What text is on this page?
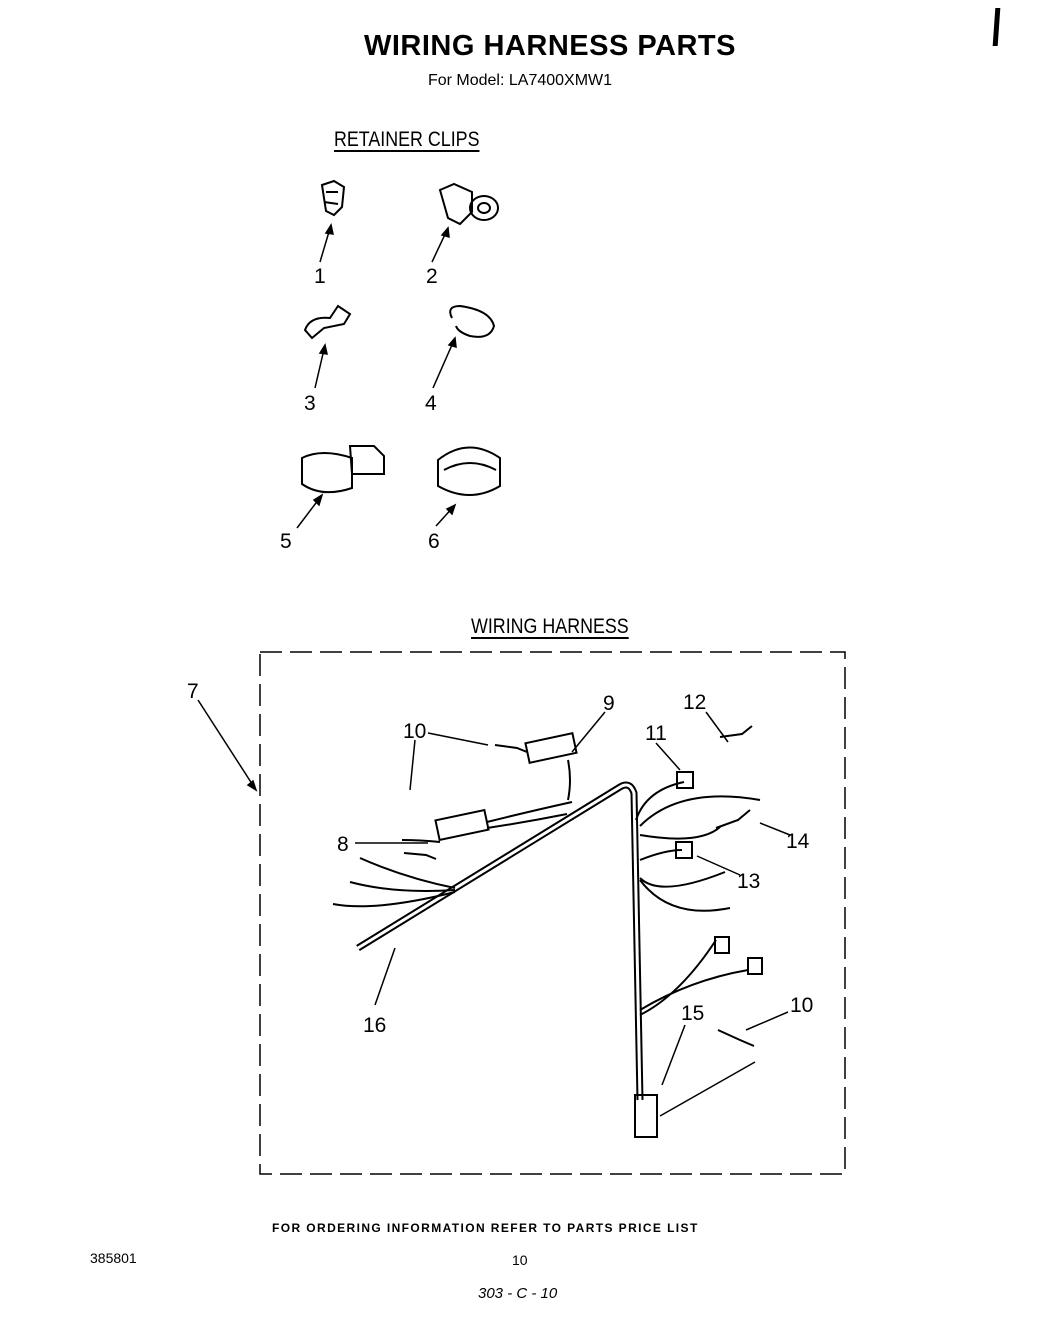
WIRING HARNESS PARTS
For Model: LA7400XMW1
RETAINER CLIPS
WIRING HARNESS
1	2
3	4
5	6
7
8
9
10
10
11
12
13
14
15
16
FOR ORDERING INFORMATION REFER TO PARTS PRICE LIST
385801	10
303 - C - 10
